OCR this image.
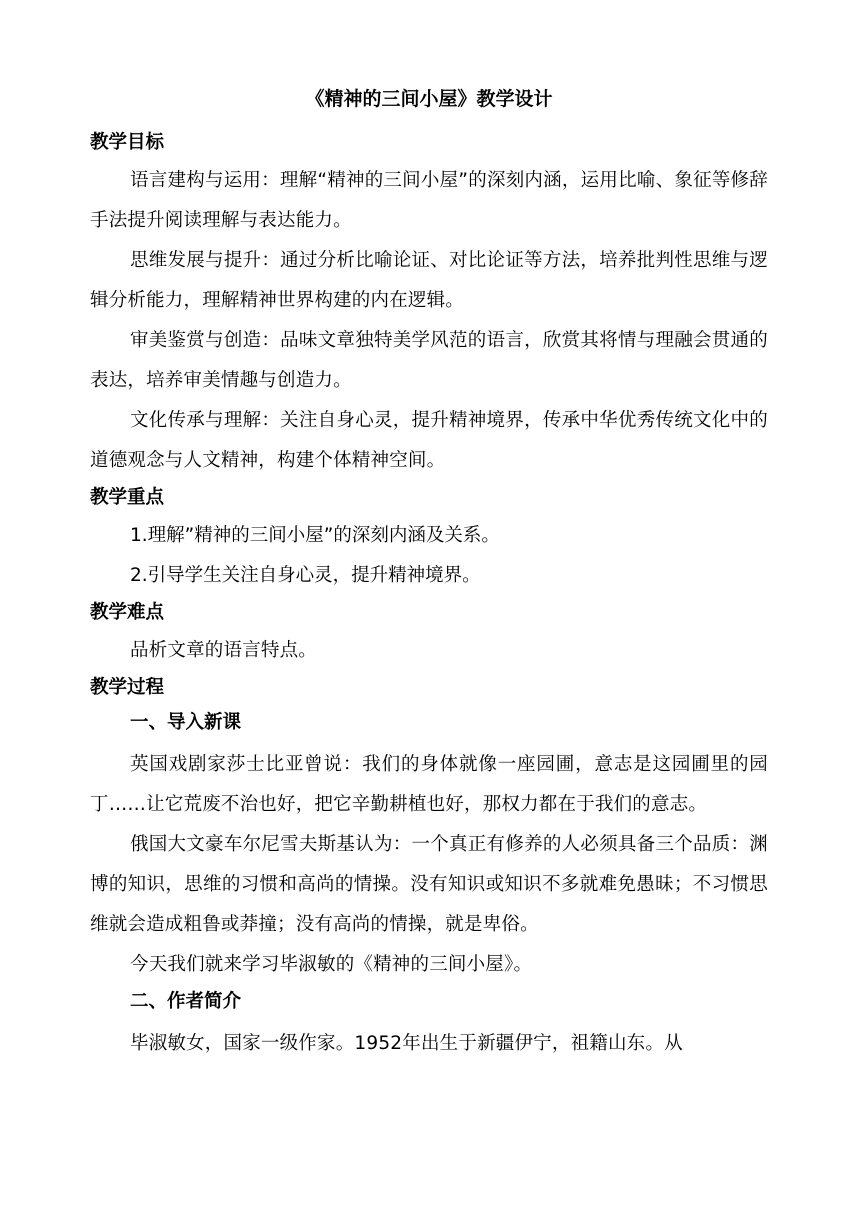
《精神的三间小屋》教学设计
教学目标

语言建构与运用：理解“精神的三间小屋”的深刻内涵，运用比喻、象征等修辞手法提升阅读理解与表达能力。

思维发展与提升：通过分析比喻论证、对比论证等方法，培养批判性思维与逻辑分析能力，理解精神世界构建的内在逻辑。

审美鉴赏与创造：品味文章独特美学风范的语言，欣赏其将情与理融会贯通的表达，培养审美情趣与创造力。

文化传承与理解：关注自身心灵，提升精神境界，传承中华优秀传统文化中的道德观念与人文精神，构建个体精神空间。

教学重点

1.理解”精神的三间小屋”的深刻内涵及关系。

2.引导学生关注自身心灵，提升精神境界。

教学难点

品析文章的语言特点。

教学过程
一、导入新课

英国戏剧家莎士比亚曾说：我们的身体就像一座园圃，意志是这园圃里的园丁……让它荒废不治也好，把它辛勤耕植也好，那权力都在于我们的意志。

俄国大文豪车尔尼雪夫斯基认为：一个真正有修养的人必须具备三个品质：渊博的知识，思维的习惯和高尚的情操。没有知识或知识不多就难免愚昧；不习惯思维就会造成粗鲁或莽撞；没有高尚的情操，就是卑俗。

今天我们就来学习毕淑敏的《精神的三间小屋》。

二、作者简介

毕淑敏女，国家一级作家。1952年出生于新疆伊宁，祖籍山东。从
